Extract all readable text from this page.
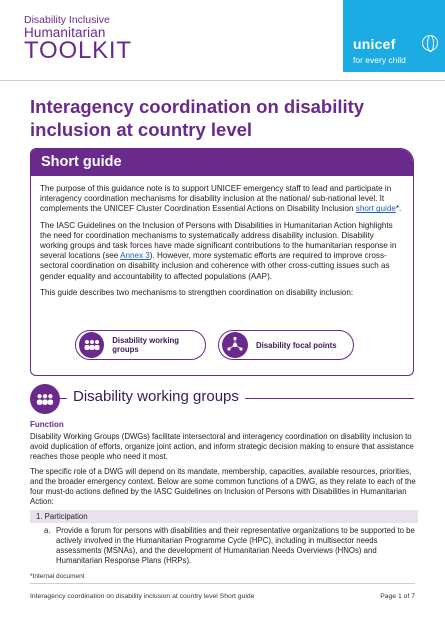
Disability Inclusive
Humanitarian
TOOLKIT	unicef
for every child
Interagency coordination on disability inclusion at country level
Short guide

The purpose of this guidance note is to support UNICEF emergency staff to lead and participate in interagency coordination mechanisms for disability inclusion at the national/ sub-national level. It complements the UNICEF Cluster Coordination Essential Actions on Disability Inclusion short guide*.

The IASC Guidelines on the Inclusion of Persons with Disabilities in Humanitarian Action highlights the need for coordination mechanisms to systematically address disability inclusion. Disability working groups and task forces have made significant contributions to the humanitarian response in several locations (see Annex 3). However, more systematic efforts are required to improve cross-sectoral coordination on disability inclusion and coherence with other cross-cutting issues such as gender equality and accountability to affected populations (AAP).

This guide describes two mechanisms to strengthen coordination on disability inclusion:

Disability working groups	Disability focal points
Disability working groups
Function

Disability Working Groups (DWGs) facilitate intersectoral and interagency coordination on disability inclusion to avoid duplication of efforts, organize joint action, and inform strategic decision making to ensure that assistance reaches those people who need it most.

The specific role of a DWG will depend on its mandate, membership, capacities, available resources, priorities, and the broader emergency context. Below are some common functions of a DWG, as they relate to each of the four must-do actions defined by the IASC Guidelines on Inclusion of Persons with Disabilities in Humanitarian Action:

1. Participation
a. Provide a forum for persons with disabilities and their representative organizations to be supported to be actively involved in the Humanitarian Programme Cycle (HPC), including in multisector needs assessments (MSNAs), and the development of Humanitarian Needs Overviews (HNOs) and Humanitarian Response Plans (HRPs).
*Internal document
Interagency coordination on disability inclusion at country level Short guide	Page 1 of 7
